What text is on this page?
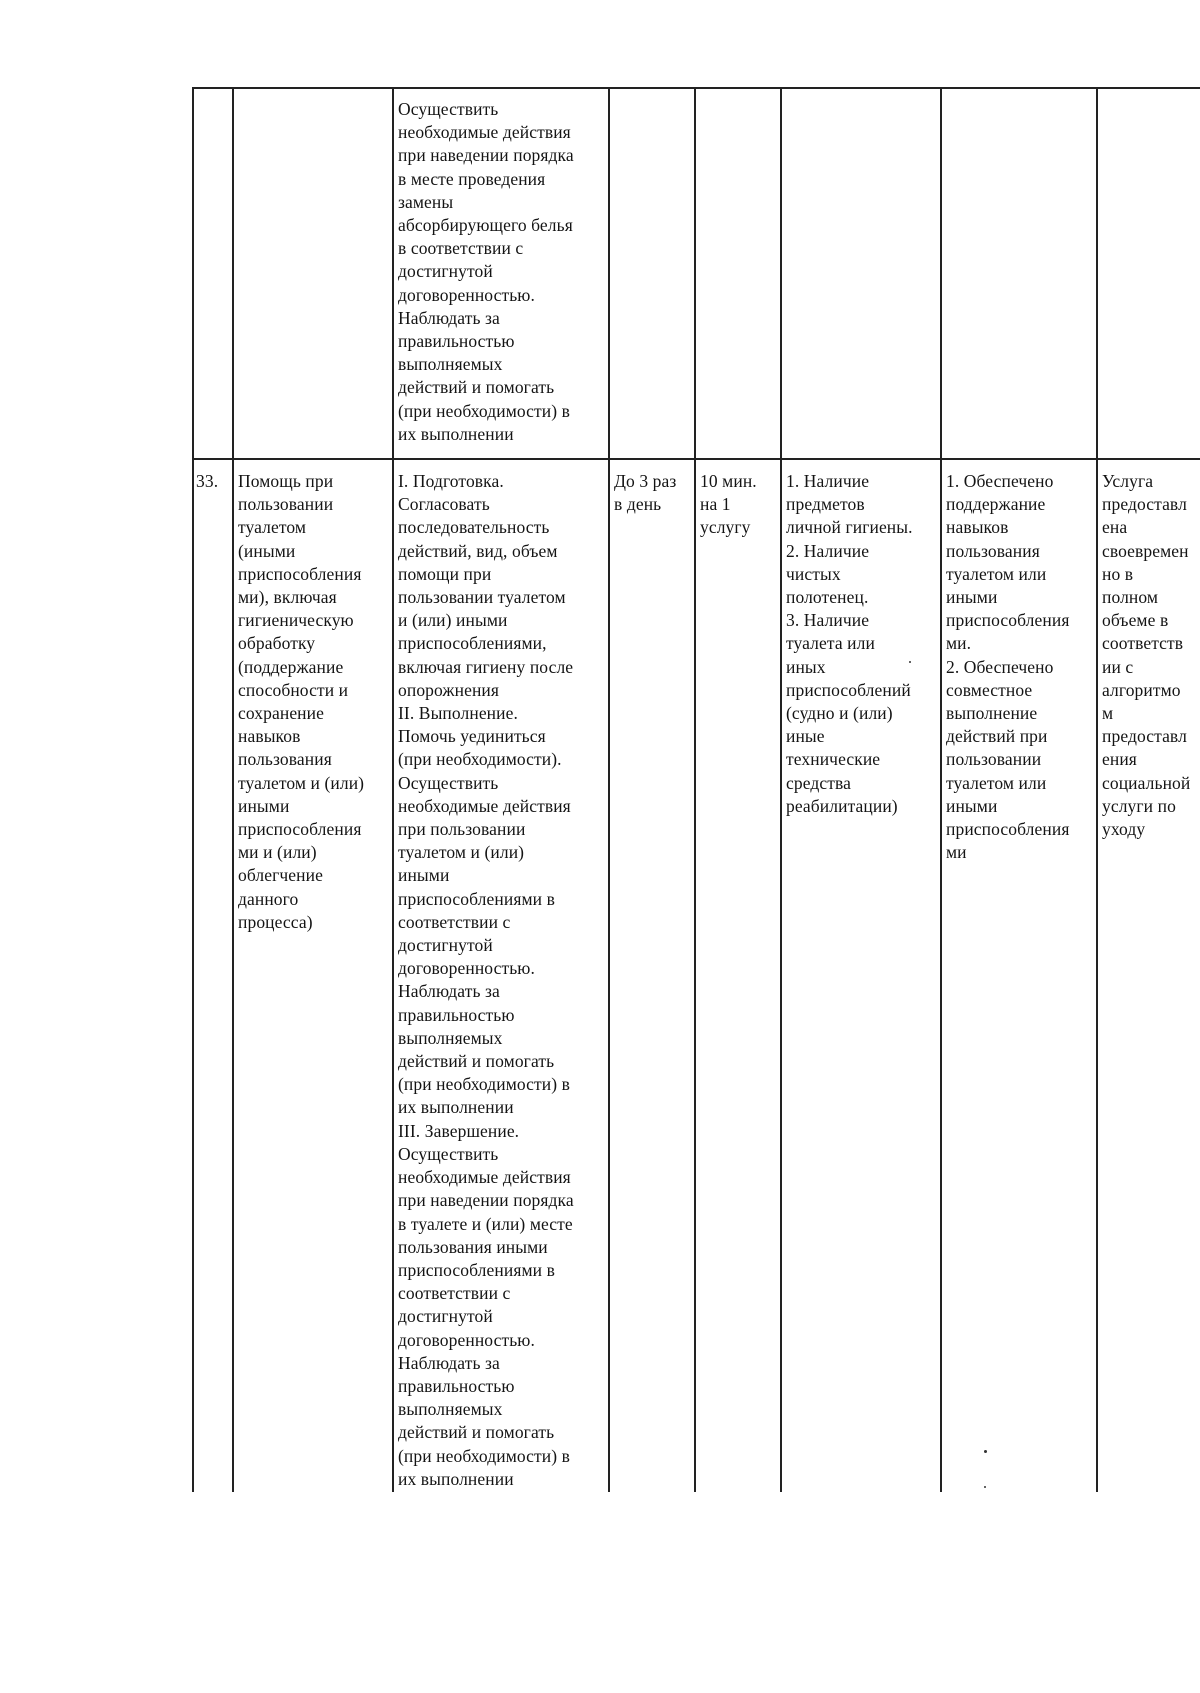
Осуществить
необходимые действия
при наведении порядка
в месте проведения
замены
абсорбирующего белья
в соответствии с
достигнутой
договоренностью.
Наблюдать за
правильностью
выполняемых
действий и помогать
(при необходимости) в
их выполнении
33.	Помощь при
пользовании
туалетом
(иными
приспособления
ми), включая
гигиеническую
обработку
(поддержание
способности и
сохранение
навыков
пользования
туалетом и (или)
иными
приспособления
ми и (или)
облегчение
данного
процесса)
I. Подготовка.
Согласовать
последовательность
действий, вид, объем
помощи при
пользовании туалетом
и (или) иными
приспособлениями,
включая гигиену после
опорожнения
II. Выполнение.
Помочь уединиться
(при необходимости).
Осуществить
необходимые действия
при пользовании
туалетом и (или)
иными
приспособлениями в
соответствии с
достигнутой
договоренностью.
Наблюдать за
правильностью
выполняемых
действий и помогать
(при необходимости) в
их выполнении
III. Завершение.
Осуществить
необходимые действия
при наведении порядка
в туалете и (или) месте
пользования иными
приспособлениями в
соответствии с
достигнутой
договоренностью.
Наблюдать за
правильностью
выполняемых
действий и помогать
(при необходимости) в
их выполнении
До 3 раз
в день
10 мин.
на 1
услугу
1. Наличие
предметов
личной гигиены.
2. Наличие
чистых
полотенец.
3. Наличие
туалета или
иных
приспособлений
(судно и (или)
иные
технические
средства
реабилитации)
1. Обеспечено
поддержание
навыков
пользования
туалетом или
иными
приспособления
ми.
2. Обеспечено
совместное
выполнение
действий при
пользовании
туалетом или
иными
приспособления
ми
Услуга
предоставл
ена
своевремен
но в
полном
объеме в
соответств
ии с
алгоритмо
м
предоставл
ения
социальной
услуги по
уходу
